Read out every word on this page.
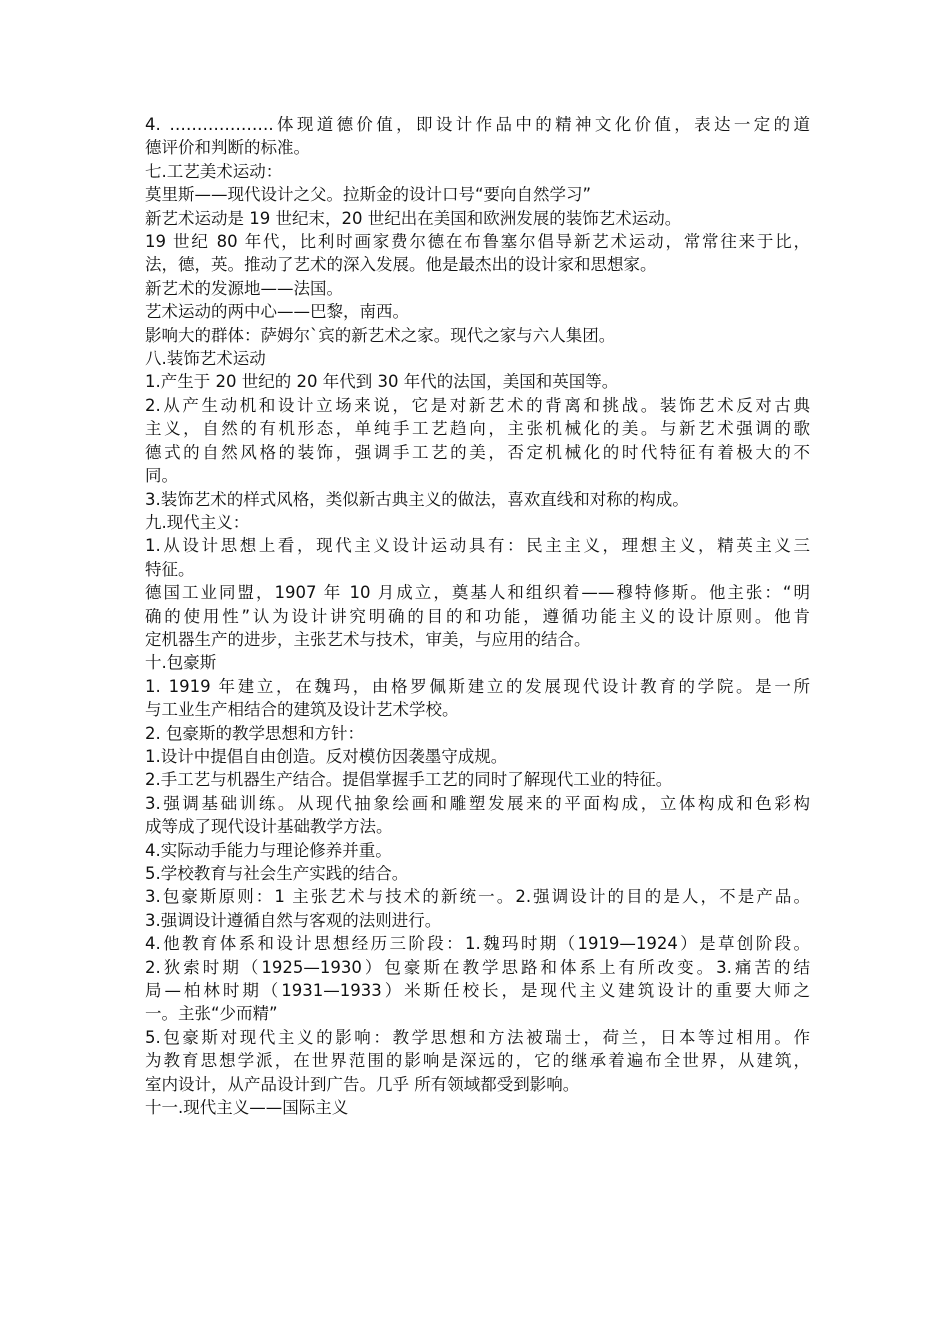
4. ……………….体现道德价值，即设计作品中的精神文化价值，表达一定的道

德评价和判断的标准。

七.工艺美术运动：

莫里斯——现代设计之父。拉斯金的设计口号“要向自然学习”

新艺术运动是 19 世纪末，20 世纪出在美国和欧洲发展的装饰艺术运动。

19 世纪 80 年代，比利时画家费尔德在布鲁塞尔倡导新艺术运动，常常往来于比，

法，德，英。推动了艺术的深入发展。他是最杰出的设计家和思想家。

新艺术的发源地——法国。

艺术运动的两中心——巴黎，南西。

影响大的群体：萨姆尔`宾的新艺术之家。现代之家与六人集团。

八.装饰艺术运动

1.产生于 20 世纪的 20 年代到 30 年代的法国，美国和英国等。

2.从产生动机和设计立场来说，它是对新艺术的背离和挑战。装饰艺术反对古典

主义，自然的有机形态，单纯手工艺趋向，主张机械化的美。与新艺术强调的歌

德式的自然风格的装饰，强调手工艺的美，否定机械化的时代特征有着极大的不

同。

3.装饰艺术的样式风格，类似新古典主义的做法，喜欢直线和对称的构成。

九.现代主义：

1.从设计思想上看，现代主义设计运动具有：民主主义，理想主义，精英主义三

特征。

德国工业同盟，1907 年 10 月成立，奠基人和组织着——穆特修斯。他主张：“明

确的使用性”认为设计讲究明确的目的和功能，遵循功能主义的设计原则。他肯

定机器生产的进步，主张艺术与技术，审美，与应用的结合。

十.包豪斯

1. 1919 年建立，在魏玛，由格罗佩斯建立的发展现代设计教育的学院。是一所

与工业生产相结合的建筑及设计艺术学校。

2. 包豪斯的教学思想和方针：

1.设计中提倡自由创造。反对模仿因袭墨守成规。

2.手工艺与机器生产结合。提倡掌握手工艺的同时了解现代工业的特征。

3.强调基础训练。从现代抽象绘画和雕塑发展来的平面构成，立体构成和色彩构

成等成了现代设计基础教学方法。

4.实际动手能力与理论修养并重。

5.学校教育与社会生产实践的结合。

3.包豪斯原则：1 主张艺术与技术的新统一。2.强调设计的目的是人，不是产品。

3.强调设计遵循自然与客观的法则进行。

4.他教育体系和设计思想经历三阶段：1.魏玛时期（1919—1924）是草创阶段。

2.狄索时期（1925—1930）包豪斯在教学思路和体系上有所改变。3.痛苦的结

局—柏林时期（1931—1933）米斯任校长，是现代主义建筑设计的重要大师之

一。主张“少而精”

5.包豪斯对现代主义的影响：教学思想和方法被瑞士，荷兰，日本等过相用。作

为教育思想学派，在世界范围的影响是深远的，它的继承着遍布全世界，从建筑，

室内设计，从产品设计到广告。几乎 所有领域都受到影响。

十一.现代主义——国际主义
